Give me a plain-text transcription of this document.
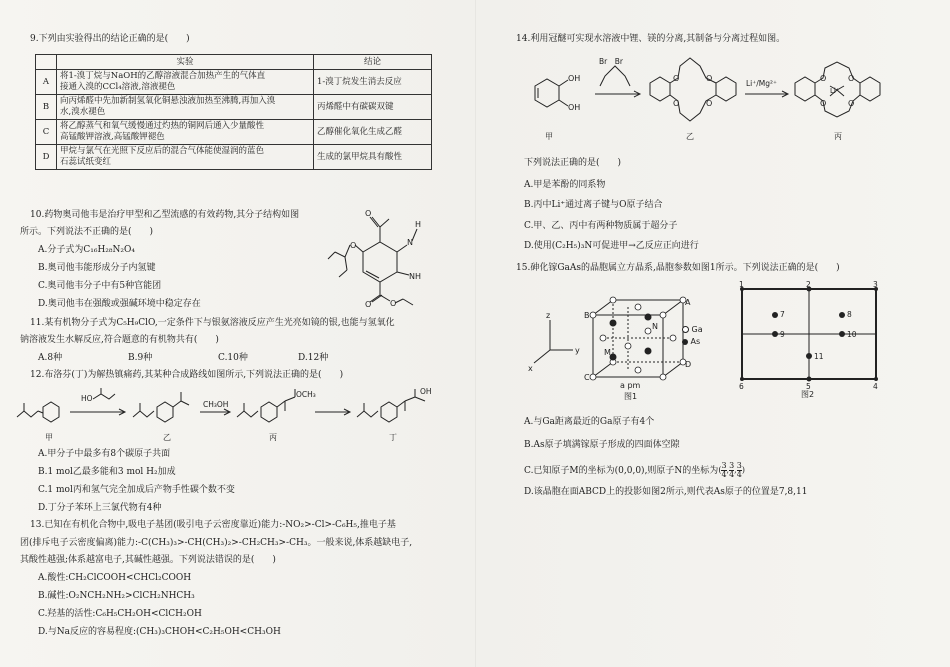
9.下列由实验得出的结论正确的是(　　)
	实验	结论
A	将1-溴丁烷与NaOH的乙醇溶液混合加热产生的气体直
接通入溴的CCl₄溶液,溶液褪色	1-溴丁烷发生消去反应
B	向丙烯醛中先加新制氢氧化铜悬浊液加热至沸腾,再加入溴
水,溴水褪色	丙烯醛中有碳碳双键
C	将乙醇蒸气和氧气缓慢通过灼热的铜网后通入少量酸性
高锰酸钾溶液,高锰酸钾褪色	乙醇催化氧化生成乙醛
D	甲烷与氯气在光照下反应后的混合气体能使湿润的蓝色
石蕊试纸变红	生成的氯甲烷具有酸性
10.药物奥司他韦是治疗甲型和乙型流感的有效药物,其分子结构如图
所示。下列说法不正确的是(　　)
A.分子式为C₁₆H₂₈N₂O₄
B.奥司他韦能形成分子内氢键
C.奥司他韦分子中有5种官能团
D.奥司他韦在强酸或强碱环境中稳定存在
N
H
NH
O
O
O O
11.某有机物分子式为C₅H₉ClO,一定条件下与银氨溶液反应产生光亮如镜的银,也能与氢氧化
钠溶液发生水解反应,符合题意的有机物共有(　　)
A.8种	B.9种	C.10种	D.12种
12.布洛芬(丁)为解热镇痛药,其某种合成路线如图所示,下列说法正确的是(　　)
HO
CH₃OH
OCH₃	OH
甲	乙	丙	丁
A.甲分子中最多有8个碳原子共面
B.1 mol乙最多能和3 mol H₂加成
C.1 mol丙和氢气完全加成后产物手性碳个数不变
D.丁分子苯环上三氯代物有4种
13.已知在有机化合物中,吸电子基团(吸引电子云密度靠近)能力:-NO₂>-Cl>-C₆H₅,推电子基
团(排斥电子云密度偏离)能力:-C(CH₃)₃>-CH(CH₃)₂>-CH₂CH₃>-CH₃。一般来说,体系越缺电子,
其酸性越强;体系越富电子,其碱性越强。下列说法错误的是(　　)
A.酸性:CH₂ClCOOH<CHCl₂COOH
B.碱性:O₂NCH₂NH₂>ClCH₂NHCH₃
C.羟基的活性:C₆H₅CH₂OH<ClCH₂OH
D.与Na反应的容易程度:(CH₃)₃CHOH<C₂H₅OH<CH₃OH
14.利用冠醚可实现水溶液中锂、镁的分离,其制备与分离过程如图。
OH
OH
Br　Br
Li⁺/Mg²⁺
O	O
O	O
O	O
O	O
Li⁺
甲	乙	丙
下列说法正确的是(　　)
A.甲是苯酚的同系物
B.丙中Li⁺通过离子键与O原子结合
C.甲、乙、丙中有两种物质属于超分子
D.使用(C₂H₅)₃N可促进甲→乙反应正向进行
15.砷化镓GaAs的晶胞属立方晶系,晶胞参数如图1所示。下列说法正确的是(　　)
z
y
x
A
B
C
D
M
N
a pm
图1
Ga
As
1	2	3
4
5
6
7	8
9	10
11
图2
A.与Ga距离最近的Ga原子有4个
B.As原子填满镓原子形成的四面体空隙
C.已知原子M的坐标为(0,0,0),则原子N的坐标为( $\frac{3}{4}$ , $\frac{3}{4}$ , $\frac{3}{4}$ )
D.该晶胞在面ABCD上的投影如图2所示,则代表As原子的位置是7,8,11
